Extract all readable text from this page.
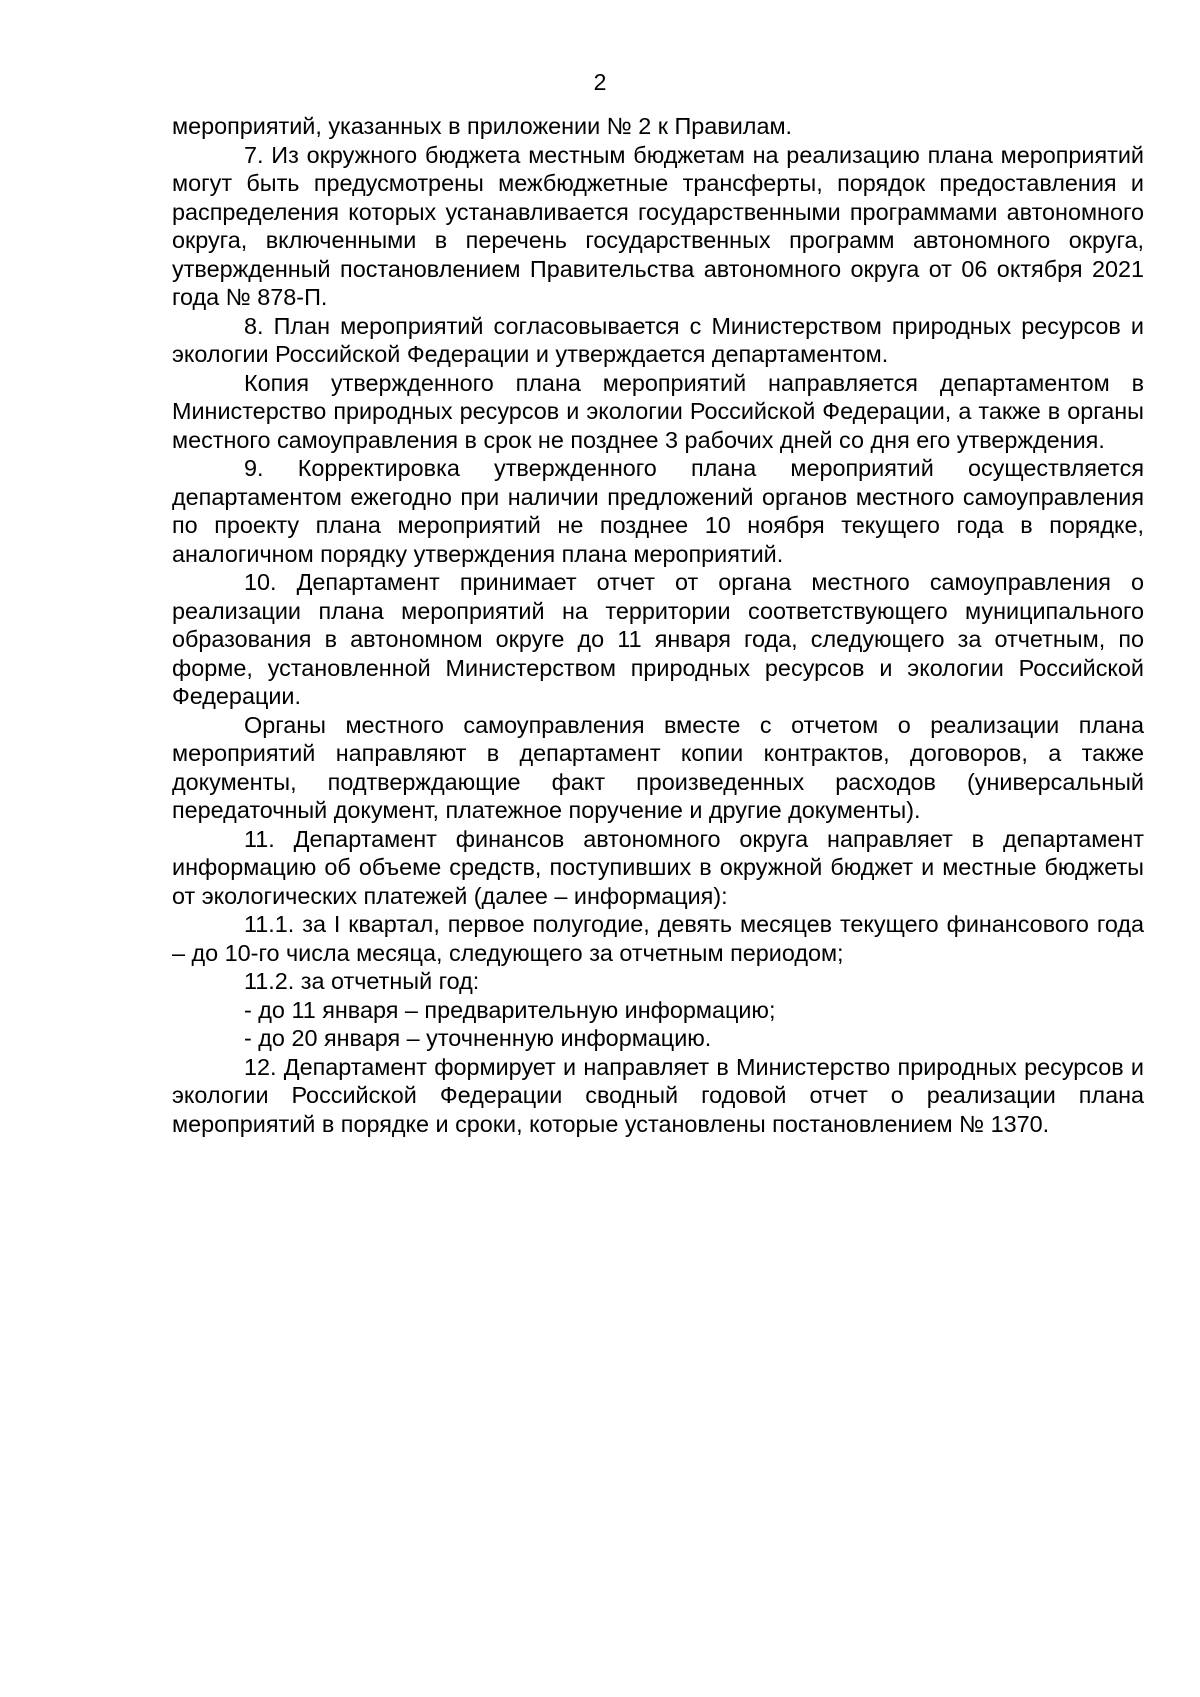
2

мероприятий, указанных в приложении № 2 к Правилам.

7. Из окружного бюджета местным бюджетам на реализацию плана мероприятий могут быть предусмотрены межбюджетные трансферты, порядок предоставления и распределения которых устанавливается государственными программами автономного округа, включенными в перечень государственных программ автономного округа, утвержденный постановлением Правительства автономного округа от 06 октября 2021 года № 878-П.

8. План мероприятий согласовывается с Министерством природных ресурсов и экологии Российской Федерации и утверждается департаментом.

Копия утвержденного плана мероприятий направляется департаментом в Министерство природных ресурсов и экологии Российской Федерации, а также в органы местного самоуправления в срок не позднее 3 рабочих дней со дня его утверждения.

9. Корректировка утвержденного плана мероприятий осуществляется департаментом ежегодно при наличии предложений органов местного самоуправления по проекту плана мероприятий не позднее 10 ноября текущего года в порядке, аналогичном порядку утверждения плана мероприятий.

10. Департамент принимает отчет от органа местного самоуправления о реализации плана мероприятий на территории соответствующего муниципального образования в автономном округе до 11 января года, следующего за отчетным, по форме, установленной Министерством природных ресурсов и экологии Российской Федерации.

Органы местного самоуправления вместе с отчетом о реализации плана мероприятий направляют в департамент копии контрактов, договоров, а также документы, подтверждающие факт произведенных расходов (универсальный передаточный документ, платежное поручение и другие документы).

11. Департамент финансов автономного округа направляет в департамент информацию об объеме средств, поступивших в окружной бюджет и местные бюджеты от экологических платежей (далее – информация):

11.1. за I квартал, первое полугодие, девять месяцев текущего финансового года – до 10-го числа месяца, следующего за отчетным периодом;

11.2. за отчетный год:

- до 11 января – предварительную информацию;

- до 20 января – уточненную информацию.

12. Департамент формирует и направляет в Министерство природных ресурсов и экологии Российской Федерации сводный годовой отчет о реализации плана мероприятий в порядке и сроки, которые установлены постановлением № 1370.
